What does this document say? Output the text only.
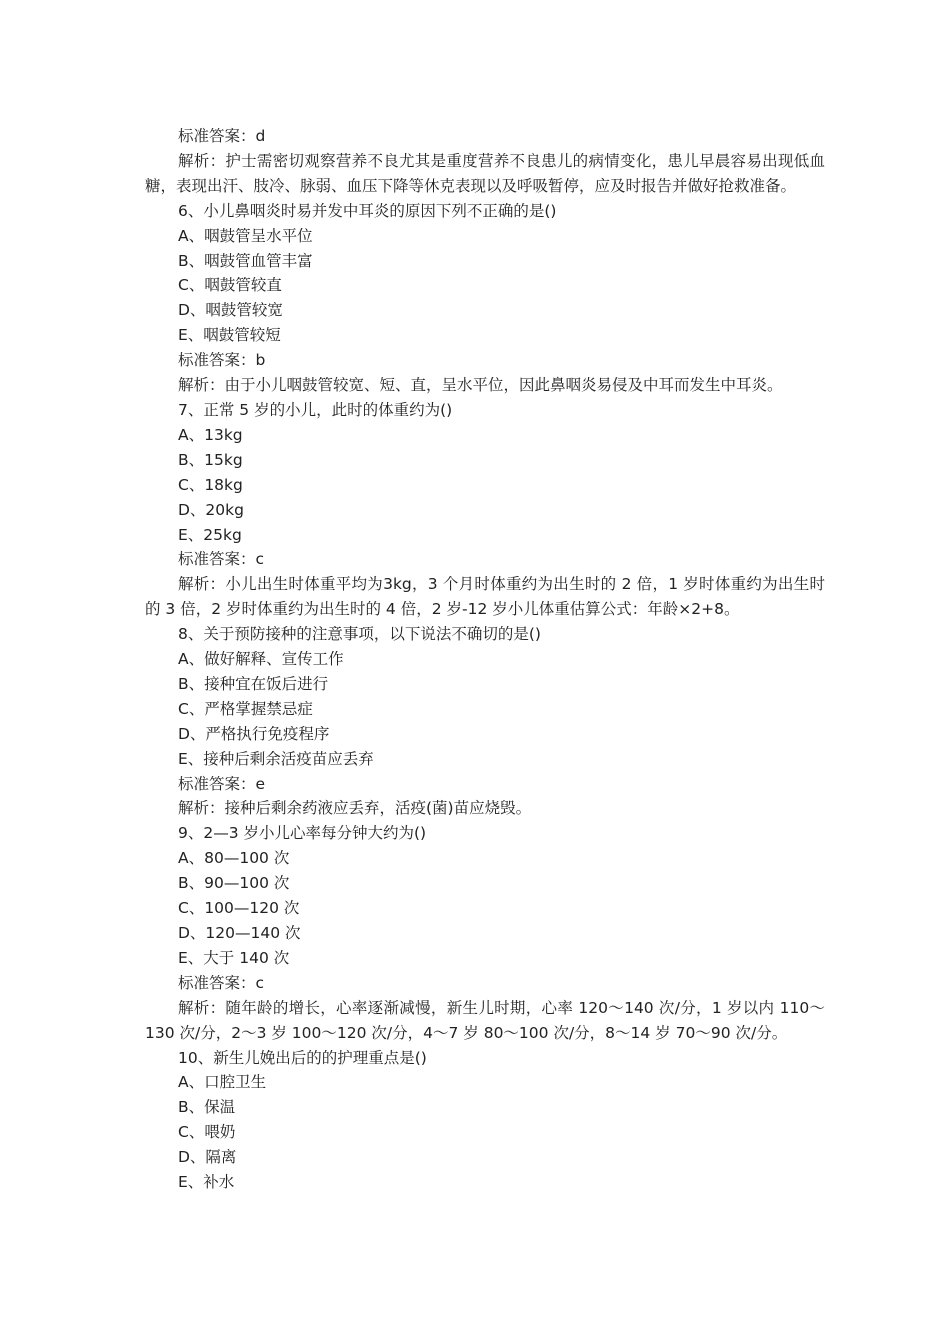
标准答案：d

解析：护士需密切观察营养不良尤其是重度营养不良患儿的病情变化，患儿早晨容易出现低血糖，表现出汗、肢冷、脉弱、血压下降等休克表现以及呼吸暂停，应及时报告并做好抢救准备。

6、小儿鼻咽炎时易并发中耳炎的原因下列不正确的是()

A、咽鼓管呈水平位

B、咽鼓管血管丰富

C、咽鼓管较直

D、咽鼓管较宽

E、咽鼓管较短

标准答案：b

解析：由于小儿咽鼓管较宽、短、直，呈水平位，因此鼻咽炎易侵及中耳而发生中耳炎。

7、正常 5 岁的小儿，此时的体重约为()

A、13kg

B、15kg

C、18kg

D、20kg

E、25kg

标准答案：c

解析：小儿出生时体重平均为3kg，3 个月时体重约为出生时的 2 倍，1 岁时体重约为出生时的 3 倍，2 岁时体重约为出生时的 4 倍，2 岁-12 岁小儿体重估算公式：年龄×2+8。

8、关于预防接种的注意事项，以下说法不确切的是()

A、做好解释、宣传工作

B、接种宜在饭后进行

C、严格掌握禁忌症

D、严格执行免疫程序

E、接种后剩余活疫苗应丢弃

标准答案：e

解析：接种后剩余药液应丢弃，活疫(菌)苗应烧毁。

9、2—3 岁小儿心率每分钟大约为()

A、80—100 次

B、90—100 次

C、100—120 次

D、120—140 次

E、大于 140 次

标准答案：c

解析：随年龄的增长，心率逐渐减慢，新生儿时期，心率 120～140 次/分，1 岁以内 110～130 次/分，2～3 岁 100～120 次/分，4～7 岁 80～100 次/分，8～14 岁 70～90 次/分。

10、新生儿娩出后的的护理重点是()

A、口腔卫生

B、保温

C、喂奶

D、隔离

E、补水
